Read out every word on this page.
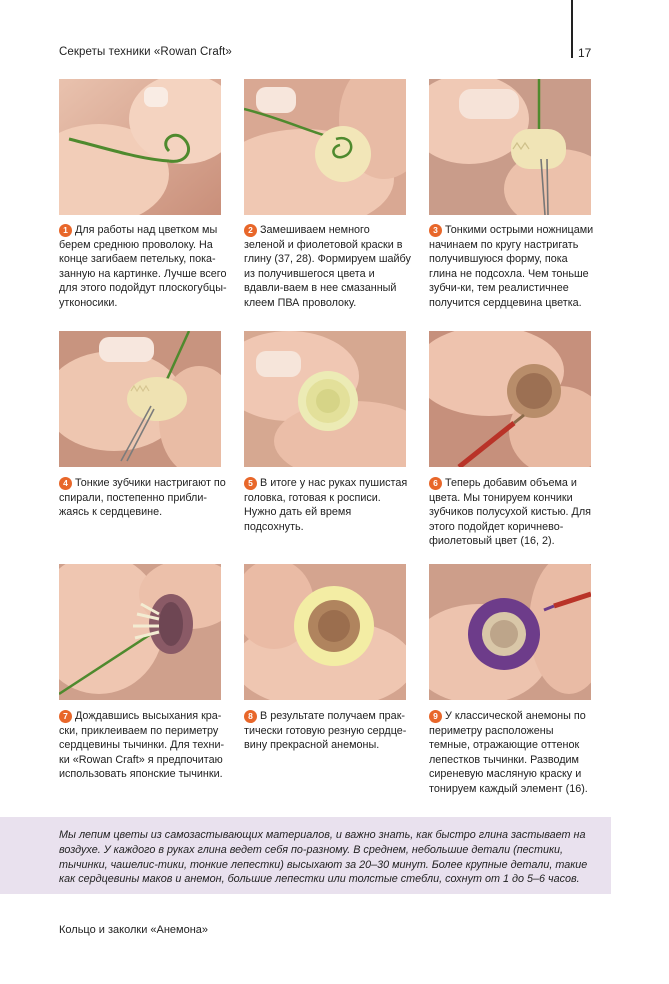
Секреты техники «Rowan Craft»	17
1 Для работы над цветком мы берем среднюю проволоку. На конце загибаем петельку, пока-занную на картинке. Лучше всего для этого подойдут плоскогубцы-утконосики.
2 Замешиваем немного зеленой и фиолетовой краски в глину (37, 28). Формируем шайбу из получившегося цвета и вдавли-ваем в нее смазанный клеем ПВА проволоку.
3 Тонкими острыми ножницами начинаем по кругу настригать получившуюся форму, пока глина не подсохла. Чем тоньше зубчи-ки, тем реалистичнее получится сердцевина цветка.
4 Тонкие зубчики настригают по спирали, постепенно прибли-жаясь к сердцевине.
5 В итоге у нас руках пушистая головка, готовая к росписи. Нужно дать ей время подсохнуть.
6 Теперь добавим объема и цвета. Мы тонируем кончики зубчиков полусухой кистью. Для этого подойдет коричнево-фиолетовый цвет (16, 2).
7 Дождавшись высыхания кра-ски, приклеиваем по периметру сердцевины тычинки. Для техни-ки «Rowan Craft» я предпочитаю использовать японские тычинки.
8 В результате получаем прак-тически готовую резную сердце-вину прекрасной анемоны.
9 У классической анемоны по периметру расположены темные, отражающие оттенок лепестков тычинки. Разводим сиреневую масляную краску и тонируем каждый элемент (16).
Мы лепим цветы из самозастывающих материалов, и важно знать, как быстро глина застывает на воздухе. У каждого в руках глина ведет себя по-разному. В среднем, небольшие детали (пестики, тычинки, чашелис-тики, тонкие лепестки) высыхают за 20–30 минут. Более крупные детали, такие как сердцевины маков и анемон, большие лепестки или толстые стебли, сохнут от 1 до 5–6 часов.
Кольцо и заколки «Анемона»
